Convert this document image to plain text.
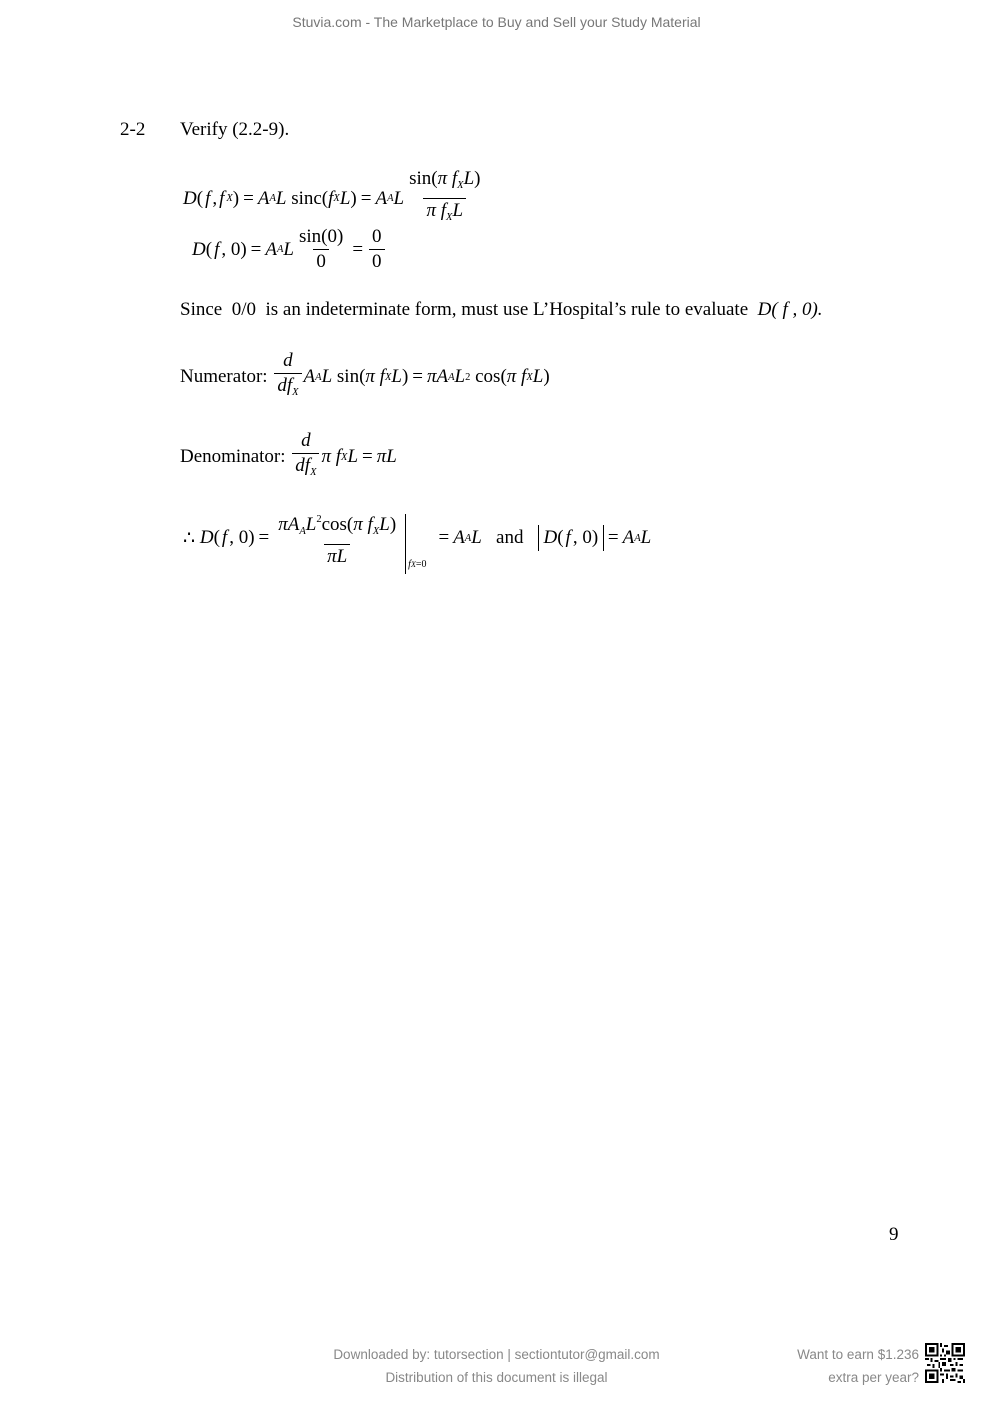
Stuvia.com - The Marketplace to Buy and Sell your Study Material
2-2 Verify (2.2-9).
D ( f , f X ) = A A L sinc( f X L ) = A A L $\frac{\sin(\pi f_XL)}{\pi f_XL}$
D ( f , 0) = A A L $\frac{\sin(0)}{0} = \frac{0}{0}$
Since 0/0 is an indeterminate form, must use L’Hospital’s rule to evaluate D( f , 0).
Numerator:
$\frac{d}{df_X}$ A A L sin( π f X L ) = πA A L 2 cos( π f X L )
Denominator:
$\frac{d}{df_X}$ π f X L = πL
∴ D ( f , $0) = \frac{\pi A_AL^2\cos(\pi f_XL)}{\pi L} fX=0$
= A A L
and

D ( f , 0) = A A L
9
Downloaded by: tutorsection | sectiontutor@gmail.com
Distribution of this document is illegal
Want to earn $1.236
extra per year?
